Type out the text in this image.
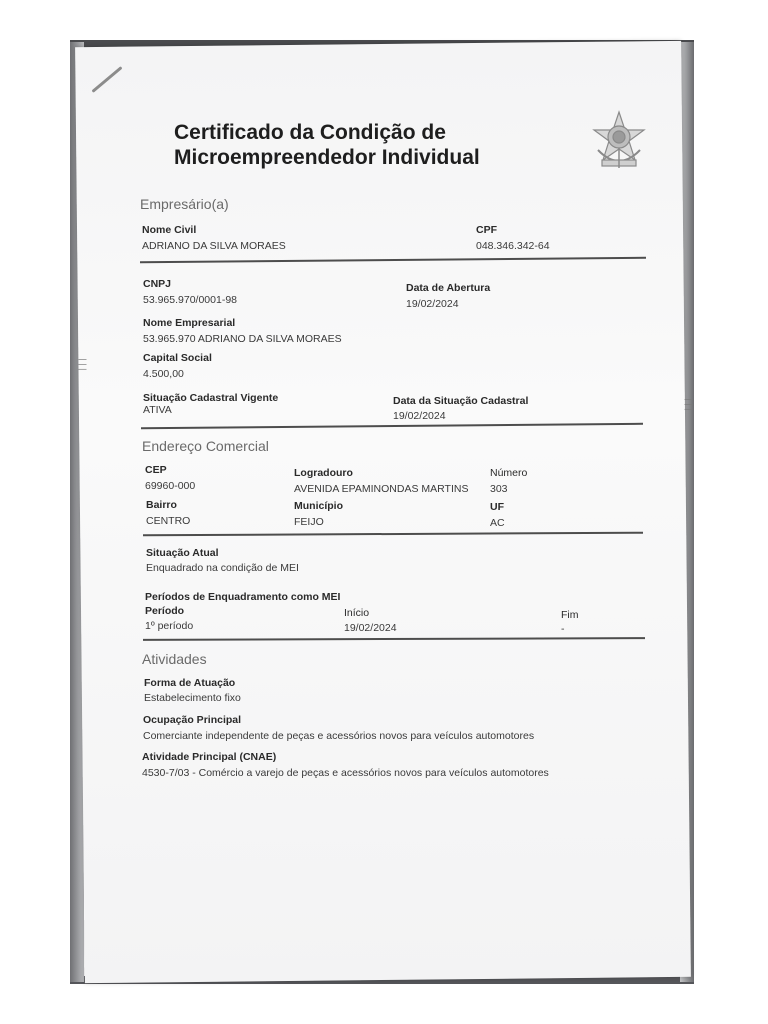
Certificado da Condição de
Microempreendedor Individual
Empresário(a)
Nome Civil
ADRIANO DA SILVA MORAES
CPF
048.346.342-64
CNPJ
53.965.970/0001-98
Data de Abertura
19/02/2024
Nome Empresarial
53.965.970 ADRIANO DA SILVA MORAES
Capital Social
4.500,00
Situação Cadastral Vigente
ATIVA
Data da Situação Cadastral
19/02/2024
Endereço Comercial
CEP
69960-000
Logradouro
AVENIDA EPAMINONDAS MARTINS
Número
303
Bairro
CENTRO
Município
FEIJO
UF
AC
Situação Atual
Enquadrado na condição de MEI
Períodos de Enquadramento como MEI
Período
1º período
Início
19/02/2024
Fim
-
Atividades
Forma de Atuação
Estabelecimento fixo
Ocupação Principal
Comerciante independente de peças e acessórios novos para veículos automotores
Atividade Principal (CNAE)
4530-7/03 - Comércio a varejo de peças e acessórios novos para veículos automotores
|||
|||
